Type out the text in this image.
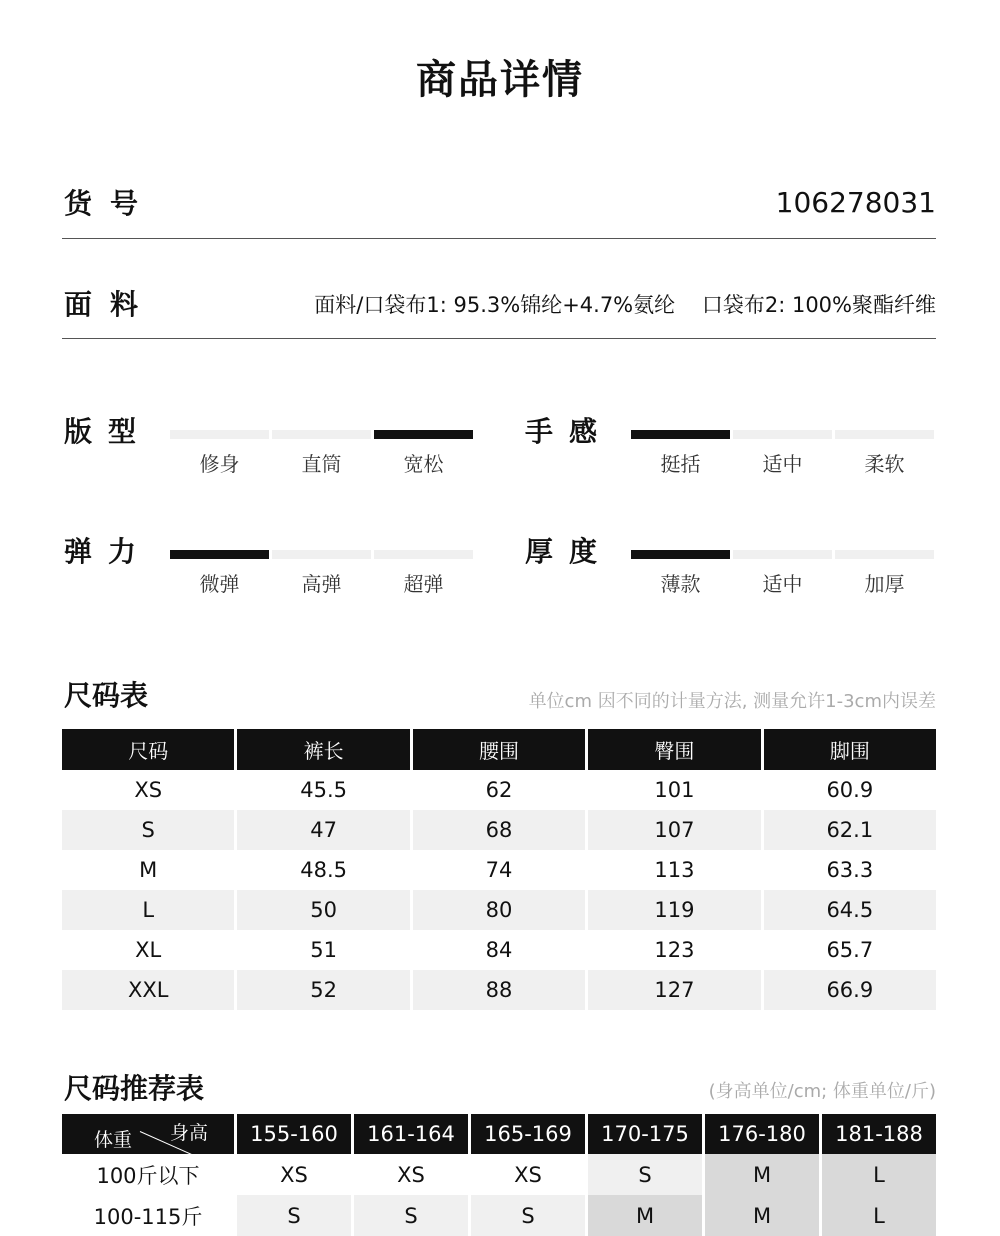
商品详情
货号	106278031
面料	面料/口袋布1: 95.3%锦纶+4.7%氨纶    口袋布2: 100%聚酯纤维
版型
修身	直筒	宽松
手感
挺括	适中	柔软
弹力
微弹	高弹	超弹
厚度
薄款	适中	加厚
尺码表	单位cm 因不同的计量方法, 测量允许1-3cm内误差
尺码	裤长	腰围	臀围	脚围
XS	45.5	62	101	60.9
S	47	68	107	62.1
M	48.5	74	113	63.3
L	50	80	119	64.5
XL	51	84	123	65.7
XXL	52	88	127	66.9
尺码推荐表	(身高单位/cm; 体重单位/斤)
身高
体重	155-160	161-164	165-169	170-175	176-180	181-188
100斤以下	XS	XS	XS	S	M	L
100-115斤	S	S	S	M	M	L
